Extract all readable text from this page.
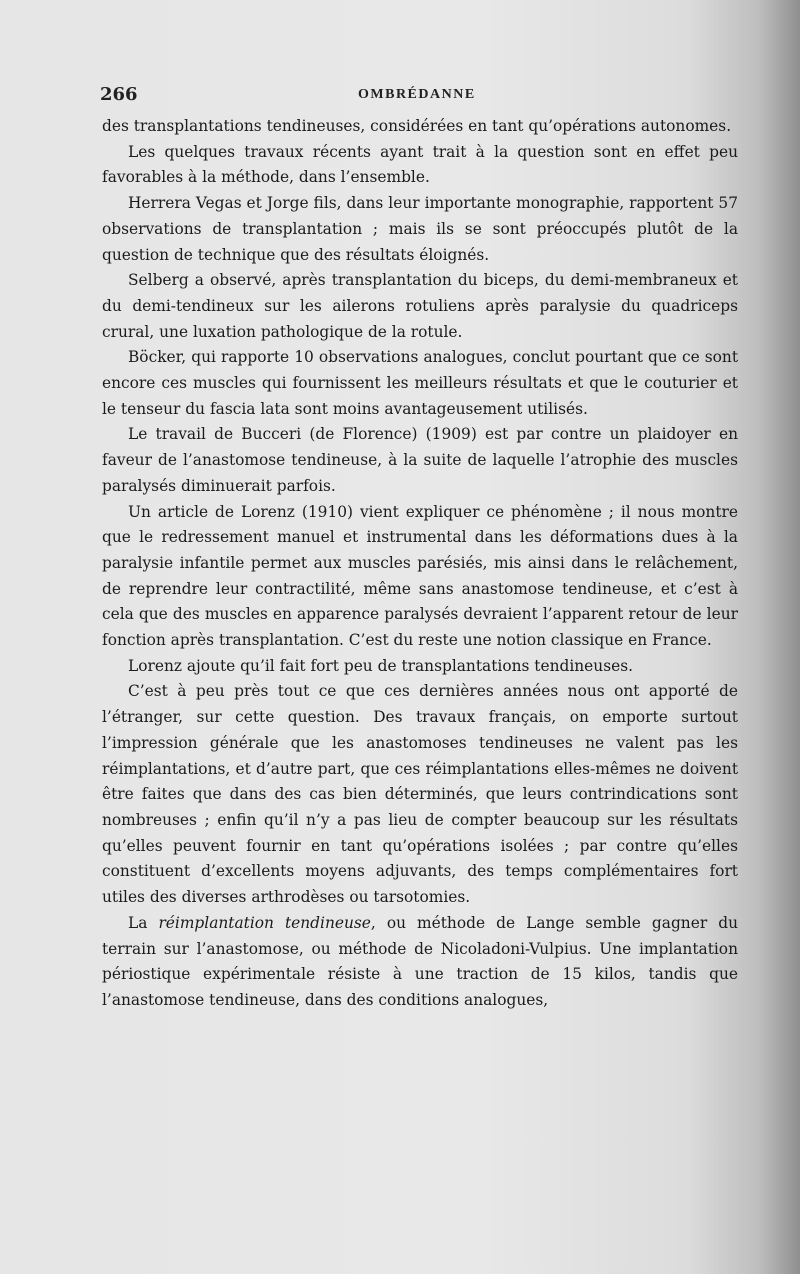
266	OMBRÉDANNE

des transplantations tendineuses, considérées en tant qu’opérations autonomes.

Les quelques travaux récents ayant trait à la question sont en effet peu favorables à la méthode, dans l’ensemble.

Herrera Vegas et Jorge fils, dans leur importante monographie, rapportent 57 observations de transplantation ; mais ils se sont préoccupés plutôt de la question de technique que des résultats éloignés.

Selberg a observé, après transplantation du biceps, du demi-membraneux et du demi-tendineux sur les ailerons rotuliens après paralysie du quadriceps crural, une luxation pathologique de la rotule.

Böcker, qui rapporte 10 observations analogues, conclut pourtant que ce sont encore ces muscles qui fournissent les meilleurs résultats et que le couturier et le tenseur du fascia lata sont moins avantageusement utilisés.

Le travail de Bucceri (de Florence) (1909) est par contre un plaidoyer en faveur de l’anastomose tendineuse, à la suite de laquelle l’atrophie des muscles paralysés diminuerait parfois.

Un article de Lorenz (1910) vient expliquer ce phénomène ; il nous montre que le redressement manuel et instrumental dans les déformations dues à la paralysie infantile permet aux muscles parésiés, mis ainsi dans le relâchement, de reprendre leur contractilité, même sans anastomose tendineuse, et c’est à cela que des muscles en apparence paralysés devraient l’apparent retour de leur fonction après transplantation. C’est du reste une notion classique en France.

Lorenz ajoute qu’il fait fort peu de transplantations tendineuses.

C’est à peu près tout ce que ces dernières années nous ont apporté de l’étranger, sur cette question. Des travaux français, on emporte surtout l’impression générale que les anastomoses tendineuses ne valent pas les réimplantations, et d’autre part, que ces réimplantations elles-mêmes ne doivent être faites que dans des cas bien déterminés, que leurs contrindications sont nombreuses ; enfin qu’il n’y a pas lieu de compter beaucoup sur les résultats qu’elles peuvent fournir en tant qu’opérations isolées ; par contre qu’elles constituent d’excellents moyens adjuvants, des temps complémentaires fort utiles des diverses arthrodèses ou tarsotomies.

La réimplantation tendineuse, ou méthode de Lange semble gagner du terrain sur l’anastomose, ou méthode de Nicoladoni-Vulpius. Une implantation périostique expérimentale résiste à une traction de 15 kilos, tandis que l’anastomose tendineuse, dans des conditions analogues,
